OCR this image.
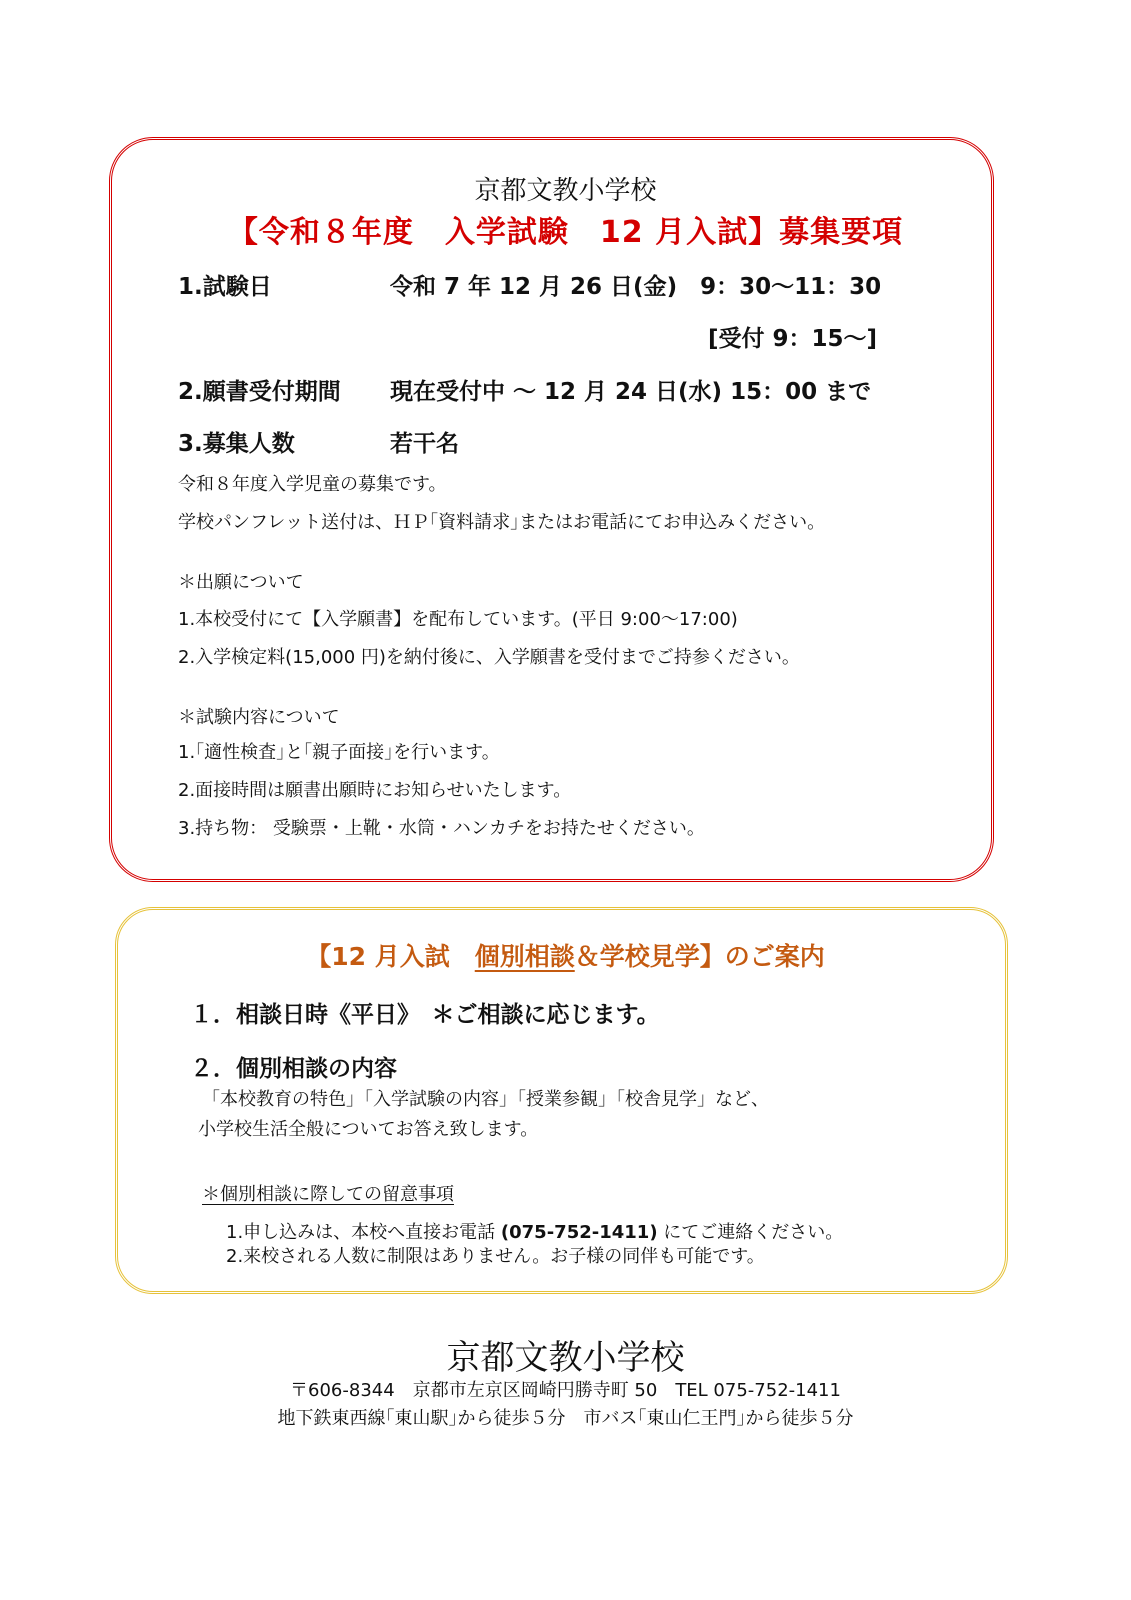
京都文教小学校
【令和８年度　入学試験　12 月入試】募集要項
1.試験日	令和 7 年 12 月 26 日(金)　9：30〜11：30
[受付 9：15〜]
2.願書受付期間 現在受付中 ～ 12 月 24 日(水) 15：00 まで
3.募集人数	若干名
令和８年度入学児童の募集です。
学校パンフレット送付は、ＨＰ｢資料請求｣またはお電話にてお申込みください。
＊出願について
1.本校受付にて【入学願書】を配布しています。(平日 9:00〜17:00)
2.入学検定料(15,000 円)を納付後に、入学願書を受付までご持参ください。
＊試験内容について
1.｢適性検査｣と｢親子面接｣を行います。
2.面接時間は願書出願時にお知らせいたします。
3.持ち物： 受験票・上靴・水筒・ハンカチをお持たせください。
【12 月入試　個別相談＆学校見学】のご案内
１．相談日時《平日》　＊ご相談に応じます。
２．個別相談の内容
「本校教育の特色」「入学試験の内容」「授業参観」「校舎見学」など、
小学校生活全般についてお答え致します。
＊個別相談に際しての留意事項
1.申し込みは、本校へ直接お電話 (075-752-1411) にてご連絡ください。
2.来校される人数に制限はありません。お子様の同伴も可能です。
京都文教小学校
〒606-8344　京都市左京区岡崎円勝寺町 50　TEL 075-752-1411
地下鉄東西線｢東山駅｣から徒歩５分　市バス｢東山仁王門｣から徒歩５分
